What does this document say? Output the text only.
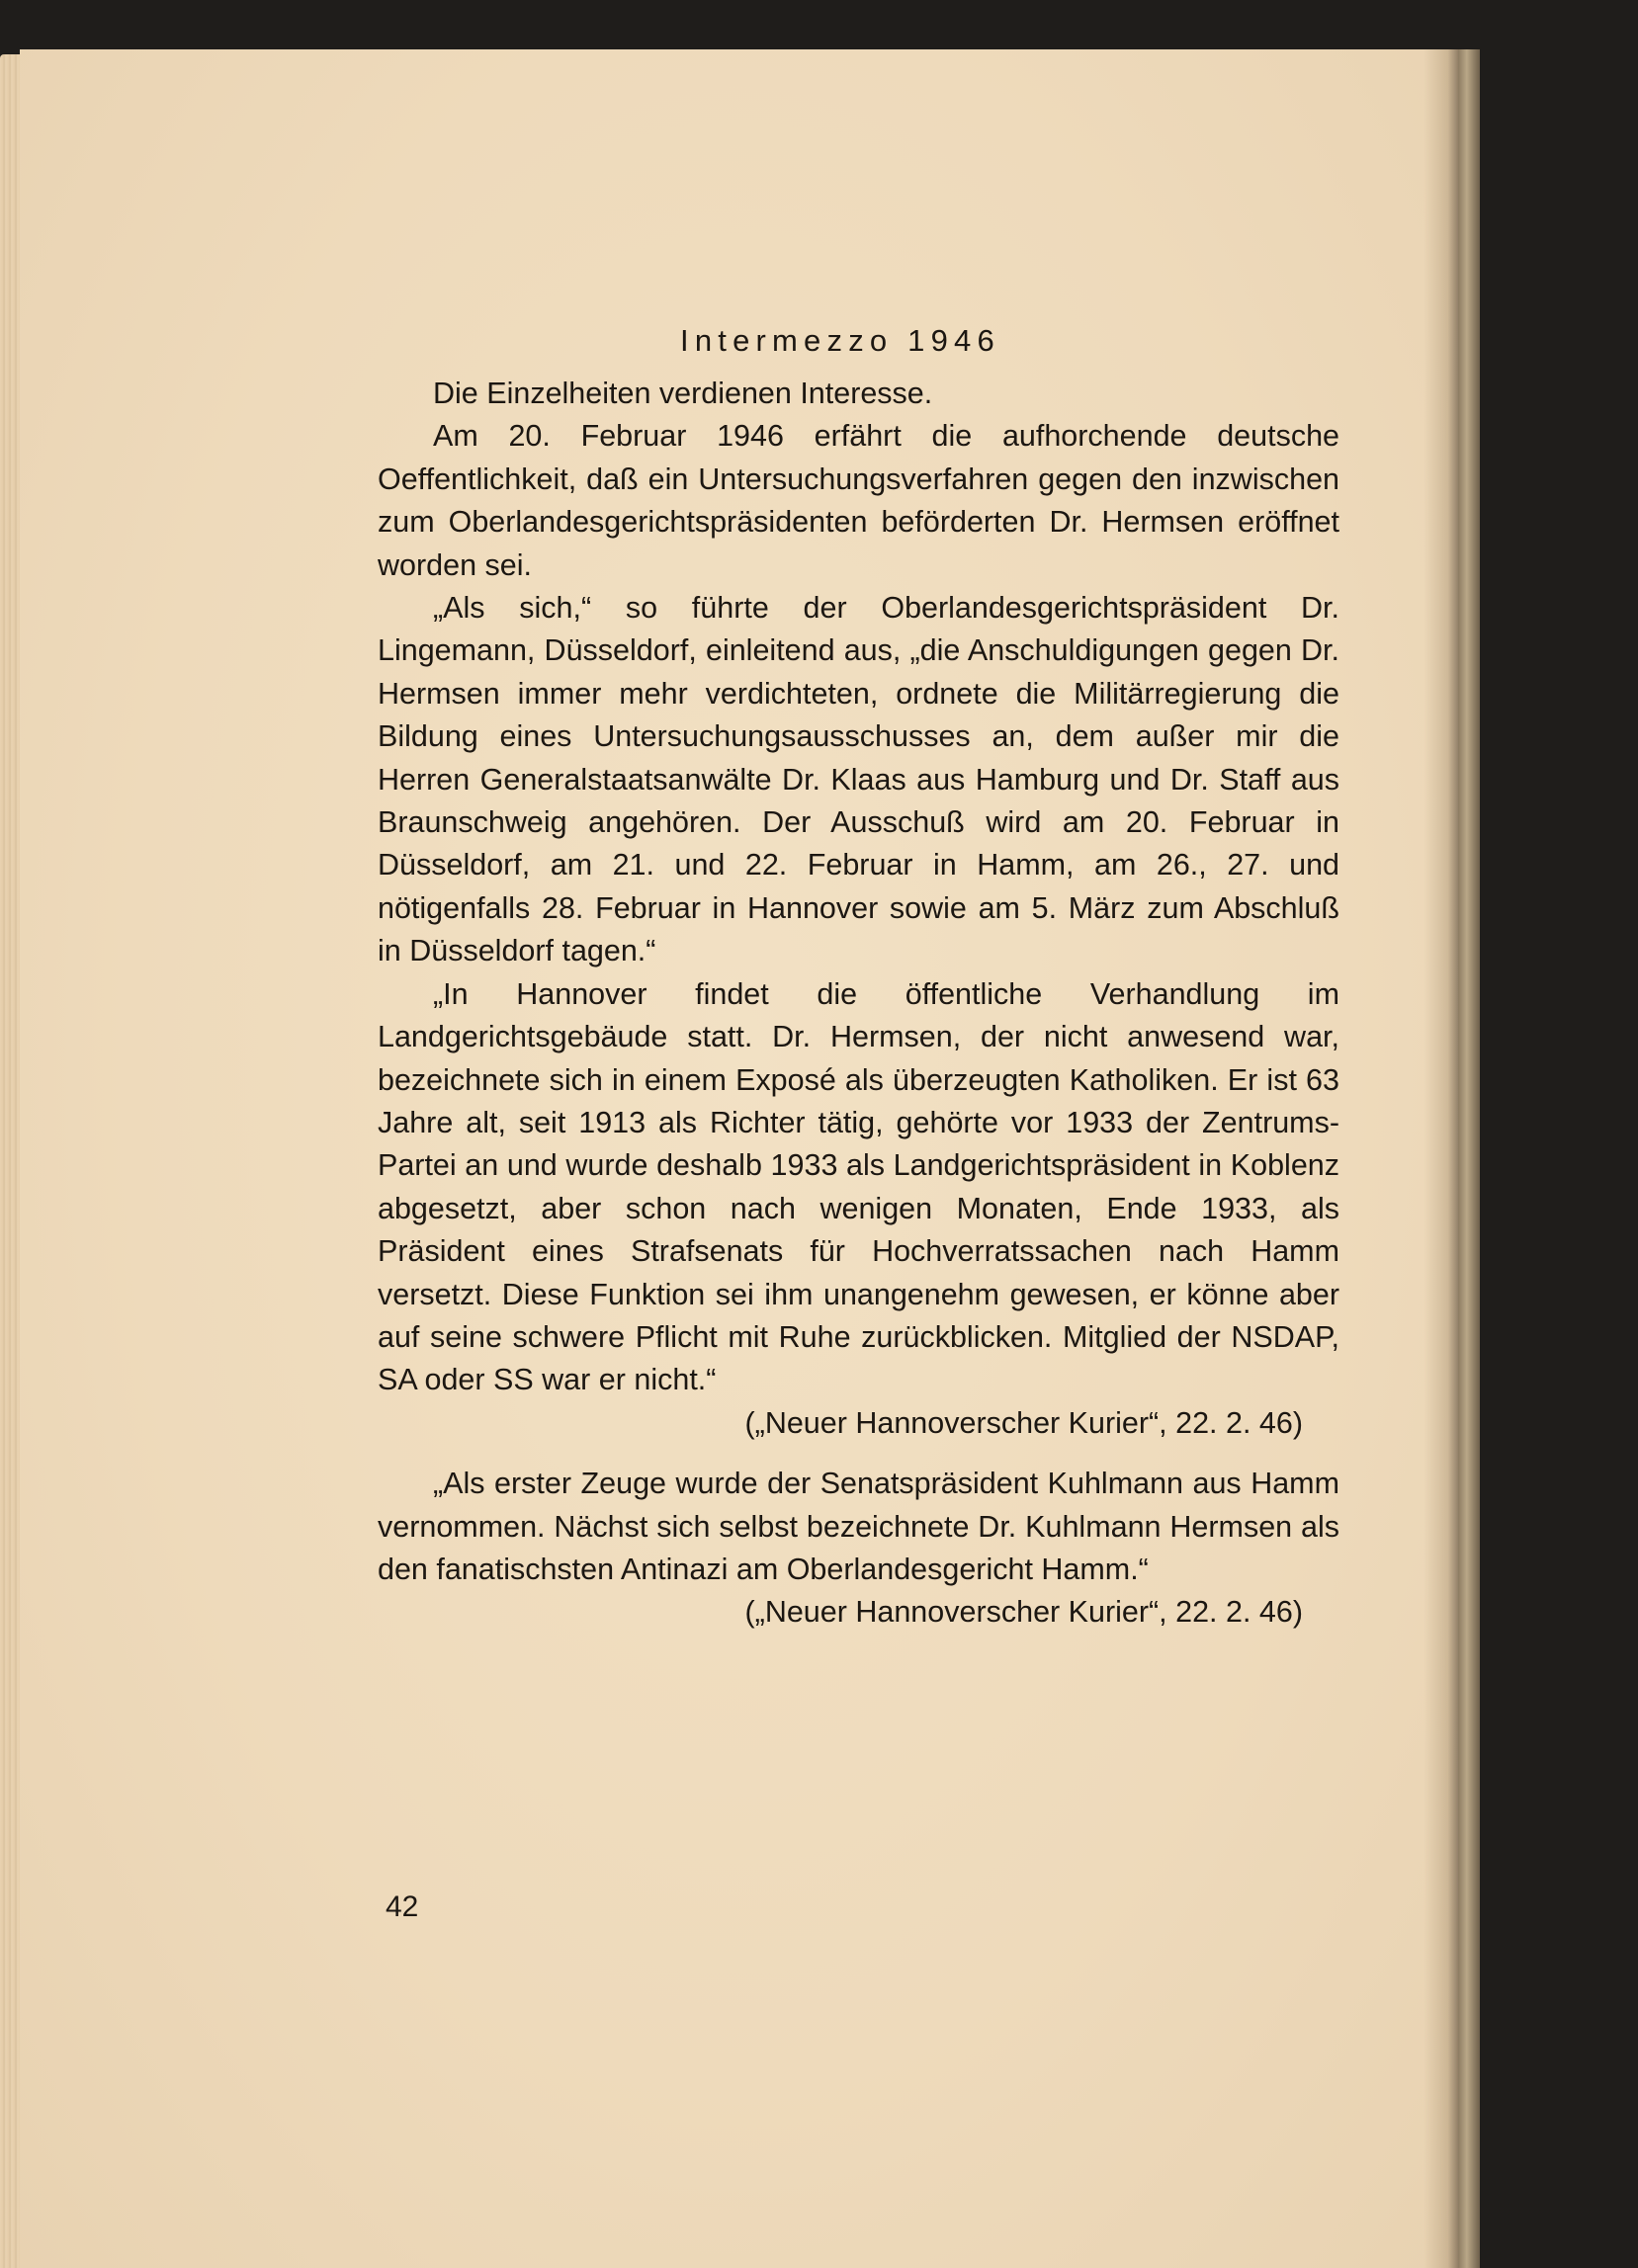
Intermezzo 1946

Die Einzelheiten verdienen Interesse.

Am 20. Februar 1946 erfährt die aufhorchende deutsche Oeffentlichkeit, daß ein Untersuchungsverfahren gegen den inzwischen zum Oberlandesgerichtspräsidenten beförderten Dr. Hermsen eröffnet worden sei.

„Als sich,“ so führte der Oberlandesgerichtspräsident Dr. Lingemann, Düsseldorf, einleitend aus, „die Anschuldigungen gegen Dr. Hermsen immer mehr verdichteten, ordnete die Militärregierung die Bildung eines Untersuchungsausschusses an, dem außer mir die Herren Generalstaatsanwälte Dr. Klaas aus Hamburg und Dr. Staff aus Braunschweig angehören. Der Ausschuß wird am 20. Februar in Düsseldorf, am 21. und 22. Februar in Hamm, am 26., 27. und nötigenfalls 28. Februar in Hannover sowie am 5. März zum Abschluß in Düsseldorf tagen.“

„In Hannover findet die öffentliche Verhandlung im Landgerichtsgebäude statt. Dr. Hermsen, der nicht anwesend war, bezeichnete sich in einem Exposé als überzeugten Katholiken. Er ist 63 Jahre alt, seit 1913 als Richter tätig, gehörte vor 1933 der Zentrums-Partei an und wurde deshalb 1933 als Landgerichtspräsident in Koblenz abgesetzt, aber schon nach wenigen Monaten, Ende 1933, als Präsident eines Strafsenats für Hochverratssachen nach Hamm versetzt. Diese Funktion sei ihm unangenehm gewesen, er könne aber auf seine schwere Pflicht mit Ruhe zurückblicken. Mitglied der NSDAP, SA oder SS war er nicht.“

(„Neuer Hannoverscher Kurier“, 22. 2. 46)

„Als erster Zeuge wurde der Senatspräsident Kuhlmann aus Hamm vernommen. Nächst sich selbst bezeichnete Dr. Kuhlmann Hermsen als den fanatischsten Antinazi am Oberlandesgericht Hamm.“

(„Neuer Hannoverscher Kurier“, 22. 2. 46)

42
